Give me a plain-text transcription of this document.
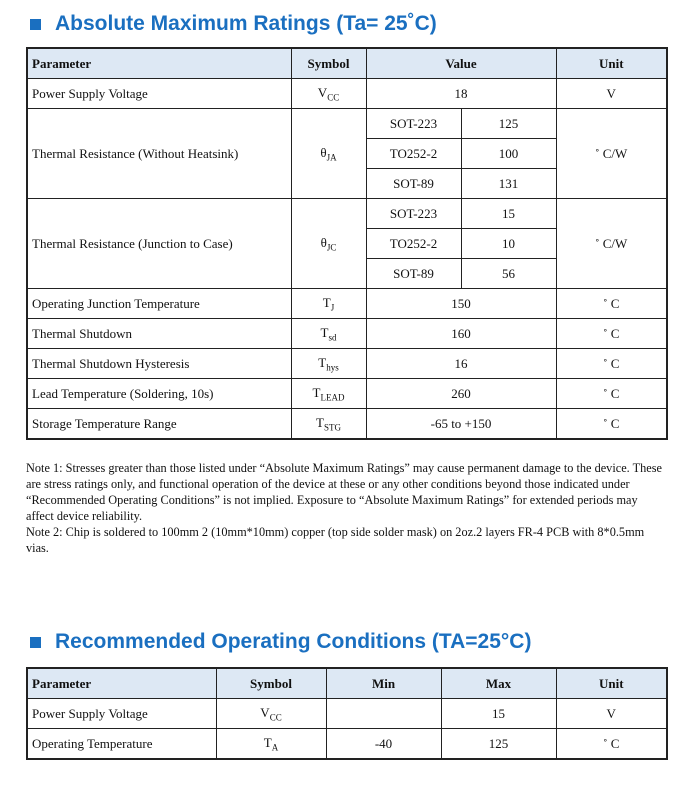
Absolute Maximum Ratings (Ta= 25˚C)
Parameter	Symbol	Value		Unit
Power Supply Voltage	$V_{CC}$	18		V
Thermal Resistance (Without Heatsink)	$\theta_{JA}$	SOT-223	125	˚ C/W
		TO252-2	100	
		SOT-89	131	
Thermal Resistance (Junction to Case)	$\theta_{JC}$	SOT-223	15	˚ C/W
		TO252-2	10	
		SOT-89	56	
Operating Junction Temperature	$T_J$	150		˚ C
Thermal Shutdown	$T_{sd}$	160		˚ C
Thermal Shutdown Hysteresis	$T_{hys}$	16		˚ C
Lead Temperature (Soldering, 10s)	$T_{LEAD}$	260		˚ C
Storage Temperature Range	$T_{STG}$	-65 to +150		˚ C

Note 1: Stresses greater than those listed under “Absolute Maximum Ratings” may cause permanent damage to the device. These are stress ratings only, and functional operation of the device at these or any other conditions beyond those indicated under “Recommended Operating Conditions” is not implied. Exposure to “Absolute Maximum Ratings” for extended periods may affect device reliability.

Note 2: Chip is soldered to 100mm 2 (10mm*10mm) copper (top side solder mask) on 2oz.2 layers FR-4 PCB with 8*0.5mm vias.

Recommended Operating Conditions (TA=25°C)
Parameter	Symbol	Min	Max	Unit
Power Supply Voltage	$V_{CC}$		15	V
Operating Temperature	$T_A$	-40	125	˚ C
